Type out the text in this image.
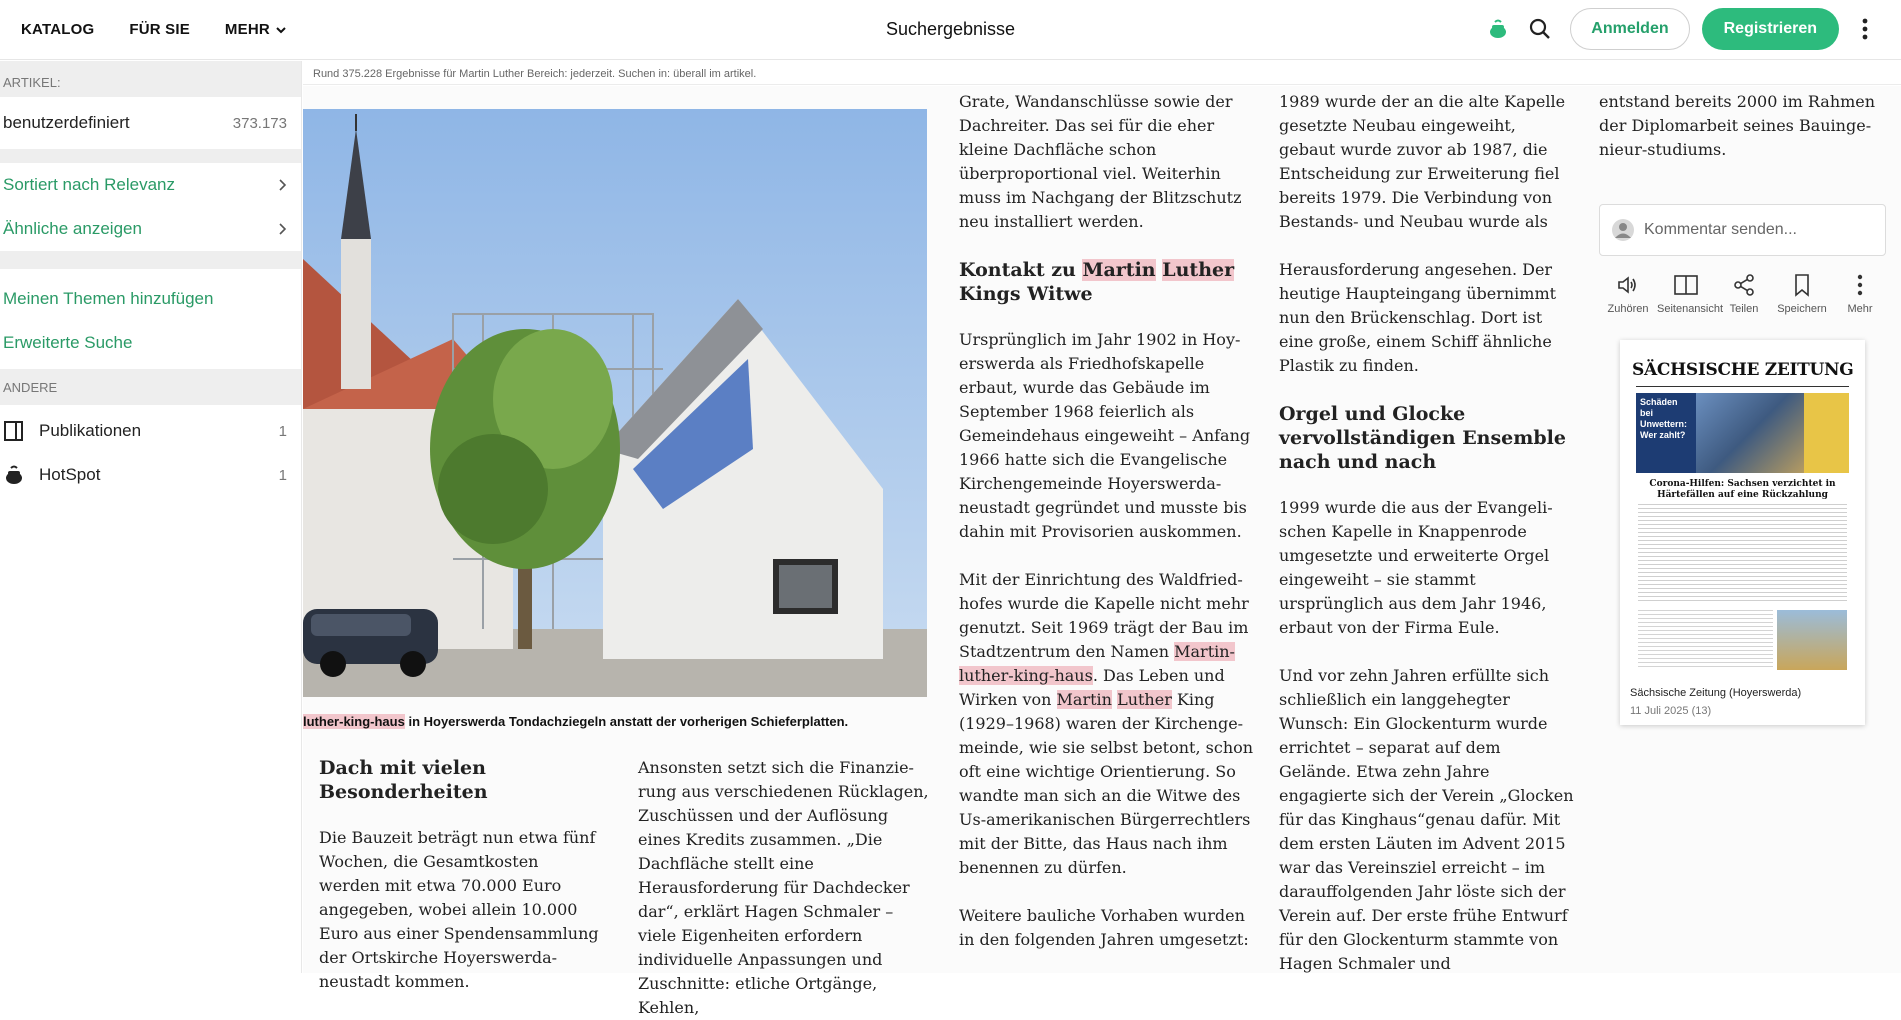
KATALOG FÜR SIE MEHR	Suchergebnisse	Anmelden	Registrieren
ARTIKEL:
benutzerdefiniert	373.173
Sortiert nach Relevanz
Ähnliche anzeigen
Meinen Themen hinzufügen
Erweiterte Suche
ANDERE
Publikationen	1
HotSpot	1
Rund 375.228 Ergebnisse für Martin Luther Bereich: jederzeit. Suchen in: überall im artikel.
luther-king-haus in Hoyerswerda Tondachziegeln anstatt der vorherigen Schieferplatten.
Dach mit vielen Besonderheiten

Die Bauzeit beträgt nun etwa fünf Wochen, die Gesamtkosten werden mit etwa 70.000 Euro angegeben, wobei allein 10.000 Euro aus einer Spendensammlung der Ortskirche Hoyerswerda-neustadt kommen.

Ansonsten setzt sich die Finanzierung aus verschiedenen Rücklagen, Zuschüssen und der Auflösung eines Kredits zusammen. „Die Dachfläche stellt eine Herausforderung für Dachdecker dar“, erklärt Hagen Schmaler – viele Eigenheiten erfordern individuelle Anpassungen und Zuschnitte: etliche Ortgänge, Kehlen,

Grate, Wandanschlüsse sowie der Dachreiter. Das sei für die eher kleine Dachfläche schon überproportional viel. Weiterhin muss im Nachgang der Blitzschutz neu installiert werden.

Kontakt zu Martin Luther Kings Witwe

Ursprünglich im Jahr 1902 in Hoyerswerda als Friedhofskapelle erbaut, wurde das Gebäude im September 1968 feierlich als Gemeindehaus eingeweiht – Anfang 1966 hatte sich die Evangelische Kirchengemeinde Hoyerswerda-neustadt gegründet und musste bis dahin mit Provisorien auskommen.

Mit der Einrichtung des Waldfriedhofes wurde die Kapelle nicht mehr genutzt. Seit 1969 trägt der Bau im Stadtzentrum den Namen Martin-luther-king-haus. Das Leben und Wirken von Martin Luther King (1929–1968) waren der Kirchengemeinde, wie sie selbst betont, schon oft eine wichtige Orientierung. So wandte man sich an die Witwe des Us-amerikanischen Bürgerrechtlers mit der Bitte, das Haus nach ihm benennen zu dürfen.

Weitere bauliche Vorhaben wurden in den folgenden Jahren umgesetzt:

1989 wurde der an die alte Kapelle gesetzte Neubau eingeweiht, gebaut wurde zuvor ab 1987, die Entscheidung zur Erweiterung fiel bereits 1979. Die Verbindung von Bestands- und Neubau wurde als

Herausforderung angesehen. Der heutige Haupteingang übernimmt nun den Brückenschlag. Dort ist eine große, einem Schiff ähnliche Plastik zu finden.

Orgel und Glocke vervollständigen Ensemble nach und nach

1999 wurde die aus der Evangelischen Kapelle in Knappenrode umgesetzte und erweiterte Orgel eingeweiht – sie stammt ursprünglich aus dem Jahr 1946, erbaut von der Firma Eule.

Und vor zehn Jahren erfüllte sich schließlich ein langgehegter Wunsch: Ein Glockenturm wurde errichtet – separat auf dem Gelände. Etwa zehn Jahre engagierte sich der Verein „Glocken für das Kinghaus“genau dafür. Mit dem ersten Läuten im Advent 2015 war das Vereinsziel erreicht – im darauffolgenden Jahr löste sich der Verein auf. Der erste frühe Entwurf für den Glockenturm stammte von Hagen Schmaler und

entstand bereits 2000 im Rahmen der Diplomarbeit seines Bauingenieur-studiums.

Kommentar senden...
Zuhören Seitenansicht Teilen	Speichern	Mehr
SÄCHSISCHE ZEITUNG
Schäden bei Unwettern: Wer zahlt?
Corona-Hilfen: Sachsen verzichtet in Härtefällen auf eine Rückzahlung
Sächsische Zeitung (Hoyerswerda)
11 Juli 2025 (13)
